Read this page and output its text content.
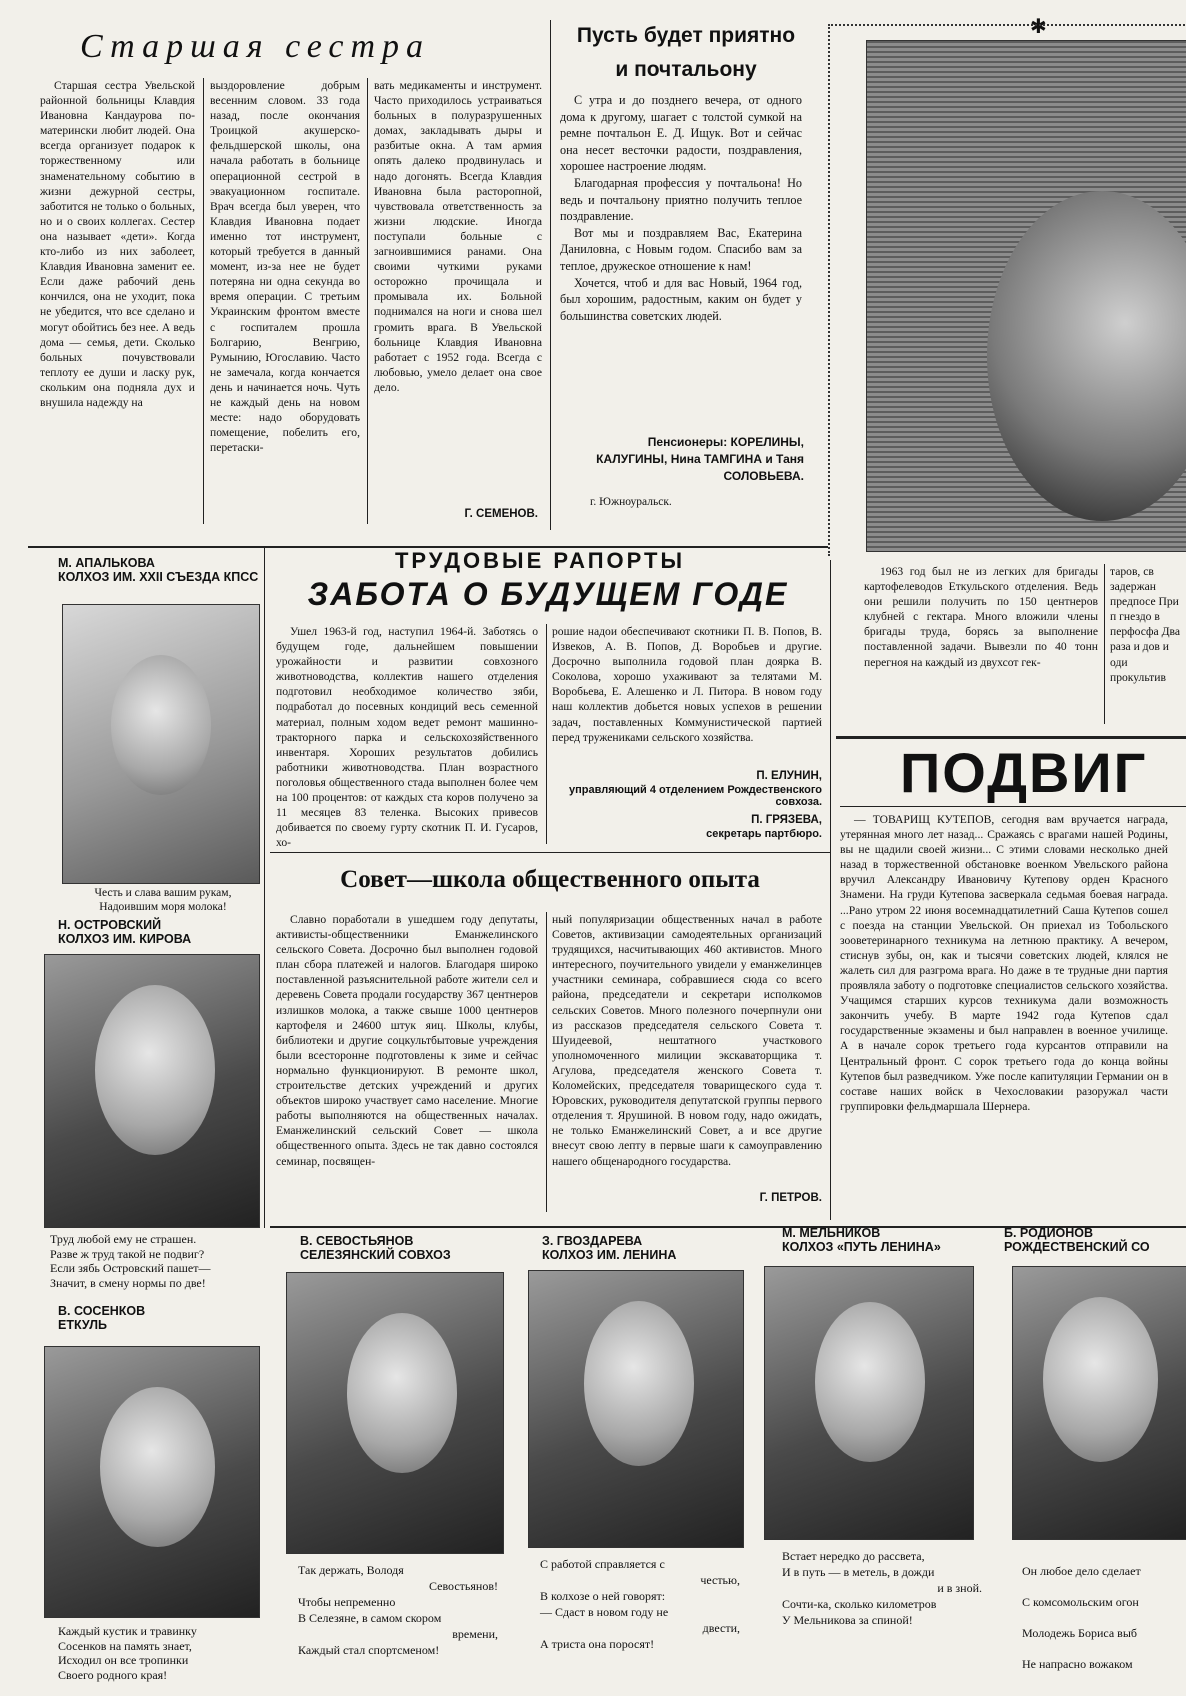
Старшая сестра
Старшая сестра Увельской районной больницы Клавдия Ивановна Кандаурова по-матерински любит людей. Она всегда организует подарок к торжественному или знаменательному событию в жизни дежурной сестры, заботится не только о больных, но и о своих коллегах. Сестер она называет «дети». Когда кто-либо из них заболеет, Клавдия Ивановна заменит ее. Если даже рабочий день кончился, она не уходит, пока не убедится, что все сделано и могут обойтись без нее. А ведь дома — семья, дети. Сколько больных почувствовали теплоту ее души и ласку рук, скольким она подняла дух и внушила надежду на
выздоровление добрым весенним словом. 33 года назад, после окончания Троицкой акушерско-фельдшерской школы, она начала работать в больнице операционной сестрой в эвакуационном госпитале. Врач всегда был уверен, что Клавдия Ивановна подает именно тот инструмент, который требуется в данный момент, из-за нее не будет потеряна ни одна секунда во время операции. С третьим Украинским фронтом вместе с госпиталем прошла Болгарию, Венгрию, Румынию, Югославию. Часто не замечала, когда кончается день и начинается ночь. Чуть не каждый день на новом месте: надо оборудовать помещение, побелить его, перетаски-
вать медикаменты и инструмент. Часто приходилось устраиваться больных в полуразрушенных домах, закладывать дыры и разбитые окна. А там армия опять далеко продвинулась и надо догонять. Всегда Клавдия Ивановна была расторопной, чувствовала ответственность за жизни людские. Иногда поступали больные с загноившимися ранами. Она своими чуткими руками осторожно прочищала и промывала их. Больной поднимался на ноги и снова шел громить врага. В Увельской больнице Клавдия Ивановна работает с 1952 года. Всегда с любовью, умело делает она свое дело.
Г. СЕМЕНОВ.
Пусть будет приятно
и почтальону

С утра и до позднего вечера, от одного дома к другому, шагает с толстой сумкой на ремне почтальон Е. Д. Ищук. Вот и сейчас она несет весточки радости, поздравления, хорошее настроение людям.

Благодарная профессия у почтальона! Но ведь и почтальону приятно получить теплое поздравление.

Вот мы и поздравляем Вас, Екатерина Даниловна, с Новым годом. Спасибо вам за теплое, дружеское отношение к нам!

Хочется, чтоб и для вас Новый, 1964 год, был хорошим, радостным, каким он будет у большинства советских людей.

Пенсионеры: КОРЕЛИНЫ, КАЛУГИНЫ, Нина ТАМГИНА и Таня СОЛОВЬЕВА.
г. Южноуральск.
✱
М. АПАЛЬКОВА
КОЛХОЗ ИМ. XXII СЪЕЗДА КПСС
Честь и слава вашим рукам,
Надоившим моря молока!
Н. ОСТРОВСКИЙ
КОЛХОЗ ИМ. КИРОВА
Труд любой ему не страшен.
Разве ж труд такой не подвиг?
Если зябь Островский пашет—
Значит, в смену нормы по две!
В. СОСЕНКОВ
ЕТКУЛЬ
Каждый кустик и травинку
Сосенков на память знает,
Исходил он все тропинки
Своего родного края!
ТРУДОВЫЕ РАПОРТЫ
ЗАБОТА О БУДУЩЕМ ГОДЕ
Ушел 1963-й год, наступил 1964-й. Заботясь о будущем годе, дальнейшем повышении урожайности и развитии совхозного животноводства, коллектив нашего отделения подготовил необходимое количество зяби, подработал до посевных кондиций весь семенной материал, полным ходом ведет ремонт машинно-тракторного парка и сельскохозяйственного инвентаря. Хороших результатов добились работники животноводства. План возрастного поголовья общественного стада выполнен более чем на 100 процентов: от каждых ста коров получено за 11 месяцев 83 теленка. Высоких привесов добивается по своему гурту скотник П. И. Гусаров, хо-
рошие надои обеспечивают скотники П. В. Попов, В. Извеков, А. В. Попов, Д. Воробьев и другие. Досрочно выполнила годовой план доярка В. Соколова, хорошо ухаживают за телятами М. Воробьева, Е. Алешенко и Л. Питора. В новом году наш коллектив добьется новых успехов в решении задач, поставленных Коммунистической партией перед тружениками сельского хозяйства.
П. ЕЛУНИН,
управляющий 4 отделением Рождественского совхоза.
П. ГРЯЗЕВА,
секретарь партбюро.
Совет—школа общественного опыта
Славно поработали в ушедшем году депутаты, активисты-общественники Еманжелинского сельского Совета. Досрочно был выполнен годовой план сбора платежей и налогов. Благодаря широко поставленной разъяснительной работе жители сел и деревень Совета продали государству 367 центнеров излишков молока, а также свыше 1000 центнеров картофеля и 24600 штук яиц. Школы, клубы, библиотеки и другие соцкультбытовые учреждения были всесторонне подготовлены к зиме и сейчас нормально функционируют. В ремонте школ, строительстве детских учреждений и других объектов широко участвует само население. Многие работы выполняются на общественных началах. Еманжелинский сельский Совет — школа общественного опыта. Здесь не так давно состоялся семинар, посвящен-
ный популяризации общественных начал в работе Советов, активизации самодеятельных организаций трудящихся, насчитывающих 460 активистов. Много интересного, поучительного увидели у еманжелинцев участники семинара, собравшиеся сюда со всего района, председатели и секретари исполкомов сельских Советов. Много полезного почерпнули они из рассказов председателя сельского Совета т. Шуидеевой, нештатного участкового уполномоченного милиции экскаваторщика т. Агулова, председателя женского Совета т. Коломейских, председателя товарищеского суда т. Юровских, руководителя депутатской группы первого отделения т. Ярушиной. В новом году, надо ожидать, не только Еманжелинский Совет, а и все другие внесут свою лепту в первые шаги к самоуправлению нашего общенародного государства.
Г. ПЕТРОВ.
1963 год был не из легких для бригады картофелеводов Еткульского отделения. Ведь они решили получить по 150 центнеров клубней с гектара. Много вложили члены бригады труда, борясь за выполнение поставленной задачи. Вывезли по 40 тонн перегноя на каждый из двухсот гек-
таров, св задержан предпосе При п гнездо в перфосфа Два раза и дов и оди прокультив
ПОДВИГ
— ТОВАРИЩ КУТЕПОВ, сегодня вам вручается награда, утерянная много лет назад... Сражаясь с врагами нашей Родины, вы не щадили своей жизни... С этими словами несколько дней назад в торжественной обстановке военком Увельского района вручил Александру Ивановичу Кутепову орден Красного Знамени. На груди Кутепова засверкала седьмая боевая награда. ...Рано утром 22 июня восемнадцатилетний Саша Кутепов сошел с поезда на станции Увельской. Он приехал из Тобольского зооветеринарного техникума на летнюю практику. А вечером, стиснув зубы, он, как и тысячи советских людей, клялся не жалеть сил для разгрома врага. Но даже в те трудные дни партия проявляла заботу о подготовке специалистов сельского хозяйства. Учащимся старших курсов техникума дали возможность закончить учебу. В марте 1942 года Кутепов сдал государственные экзамены и был направлен в военное училище. А в начале сорок третьего года курсантов отправили на Центральный фронт. С сорок третьего года до конца войны Кутепов был разведчиком. Уже после капитуляции Германии он в составе наших войск в Чехословакии разоружал части группировки фельдмаршала Шернера.
В. СЕВОСТЬЯНОВ
СЕЛЕЗЯНСКИЙ СОВХОЗ
Так держать, Володя
Севостьянов!
Чтобы непременно
В Селезяне, в самом скором
времени,
Каждый стал спортсменом!
З. ГВОЗДАРЕВА
КОЛХОЗ ИМ. ЛЕНИНА
С работой справляется с
честью,
В колхозе о ней говорят:
— Сдаст в новом году не
двести,
А триста она поросят!
М. МЕЛЬНИКОВ
КОЛХОЗ «ПУТЬ ЛЕНИНА»
Встает нередко до рассвета,
И в путь — в метель, в дожди
и в зной.
Сочти-ка, сколько километров
У Мельникова за спиной!
Б. РОДИОНОВ
РОЖДЕСТВЕНСКИЙ СО
Он любое дело сделает
С комсомольским огон
Молодежь Бориса выб
Не напрасно вожаком
